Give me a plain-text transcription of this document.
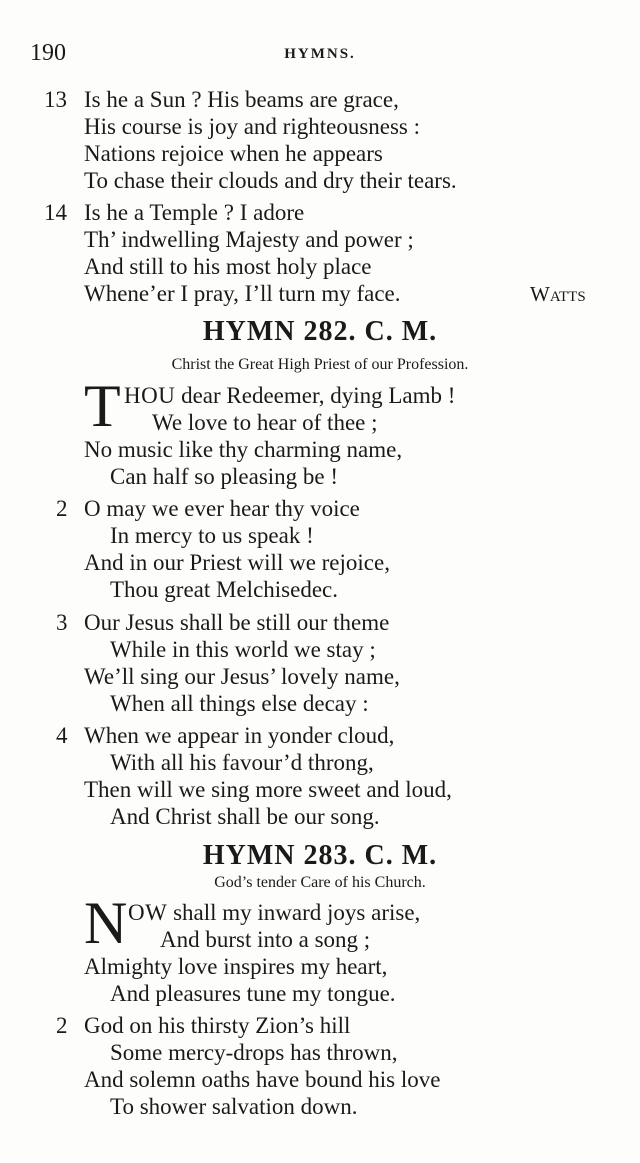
190	HYMNS.
13 Is he a Sun ? His beams are grace,
His course is joy and righteousness :
Nations rejoice when he appears
To chase their clouds and dry their tears.
14 Is he a Temple ? I adore
Th’ indwelling Majesty and power ;
And still to his most holy place
Whene’er I pray, I’ll turn my face.	Watts
HYMN 282. C. M.
Christ the Great High Priest of our Profession.
T HOU dear Redeemer, dying Lamb !
We love to hear of thee ;
No music like thy charming name,
Can half so pleasing be !
2 O may we ever hear thy voice
In mercy to us speak !
And in our Priest will we rejoice,
Thou great Melchisedec.
3 Our Jesus shall be still our theme
While in this world we stay ;
We’ll sing our Jesus’ lovely name,
When all things else decay :
4 When we appear in yonder cloud,
With all his favour’d throng,
Then will we sing more sweet and loud,
And Christ shall be our song.
HYMN 283. C. M.
God’s tender Care of his Church.
N OW shall my inward joys arise,
And burst into a song ;
Almighty love inspires my heart,
And pleasures tune my tongue.
2 God on his thirsty Zion’s hill
Some mercy-drops has thrown,
And solemn oaths have bound his love
To shower salvation down.
